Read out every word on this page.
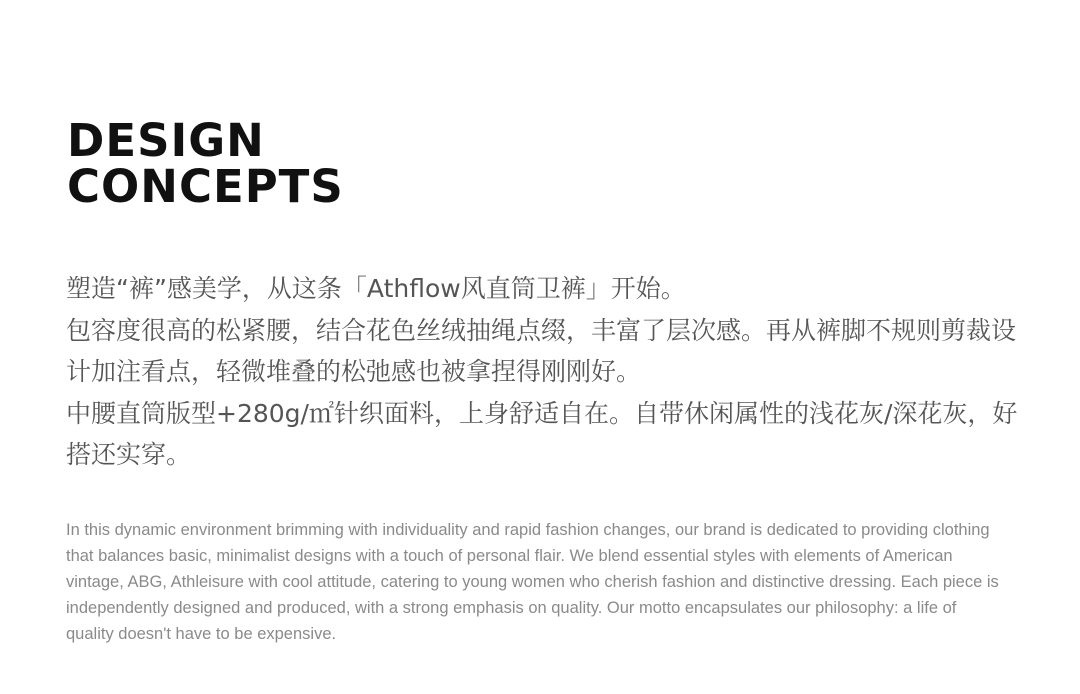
DESIGN
CONCEPTS

塑造“裤”感美学，从这条「Athflow风直筒卫裤」开始。

包容度很高的松紧腰，结合花色丝绒抽绳点缀，丰富了层次感。再从裤脚不规则剪裁设计加注看点，轻微堆叠的松弛感也被拿捏得刚刚好。

中腰直筒版型+280g/㎡针织面料，上身舒适自在。自带休闲属性的浅花灰/深花灰，好搭还实穿。

In this dynamic environment brimming with individuality and rapid fashion changes, our brand is dedicated to providing clothing that balances basic, minimalist designs with a touch of personal flair. We blend essential styles with elements of American vintage, ABG, Athleisure with cool attitude, catering to young women who cherish fashion and distinctive dressing. Each piece is independently designed and produced, with a strong emphasis on quality. Our motto encapsulates our philosophy: a life of quality doesn't have to be expensive.
